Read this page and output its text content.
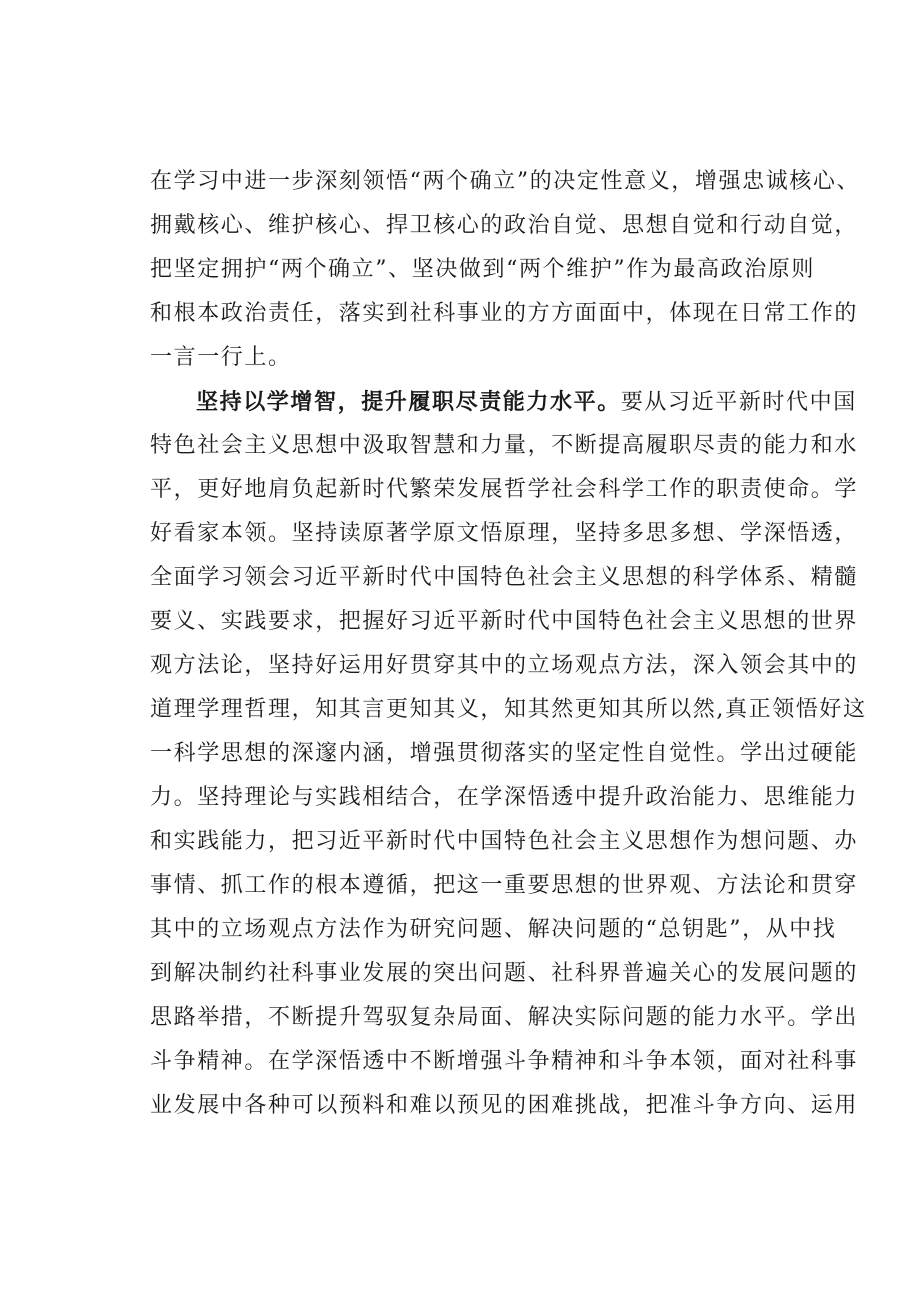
在学习中进一步深刻领悟“两个确立”的决定性意义，增强忠诚核心、
拥戴核心、维护核心、捍卫核心的政治自觉、思想自觉和行动自觉，
把坚定拥护“两个确立”、坚决做到“两个维护”作为最高政治原则
和根本政治责任，落实到社科事业的方方面面中，体现在日常工作的
一言一行上。
坚持以学增智，提升履职尽责能力水平。要从习近平新时代中国
特色社会主义思想中汲取智慧和力量，不断提高履职尽责的能力和水
平，更好地肩负起新时代繁荣发展哲学社会科学工作的职责使命。学
好看家本领。坚持读原著学原文悟原理，坚持多思多想、学深悟透，
全面学习领会习近平新时代中国特色社会主义思想的科学体系、精髓
要义、实践要求，把握好习近平新时代中国特色社会主义思想的世界
观方法论，坚持好运用好贯穿其中的立场观点方法，深入领会其中的
道理学理哲理，知其言更知其义，知其然更知其所以然,真正领悟好这
一科学思想的深邃内涵，增强贯彻落实的坚定性自觉性。学出过硬能
力。坚持理论与实践相结合，在学深悟透中提升政治能力、思维能力
和实践能力，把习近平新时代中国特色社会主义思想作为想问题、办
事情、抓工作的根本遵循，把这一重要思想的世界观、方法论和贯穿
其中的立场观点方法作为研究问题、解决问题的“总钥匙”，从中找
到解决制约社科事业发展的突出问题、社科界普遍关心的发展问题的
思路举措，不断提升驾驭复杂局面、解决实际问题的能力水平。学出
斗争精神。在学深悟透中不断增强斗争精神和斗争本领，面对社科事
业发展中各种可以预料和难以预见的困难挑战，把准斗争方向、运用
